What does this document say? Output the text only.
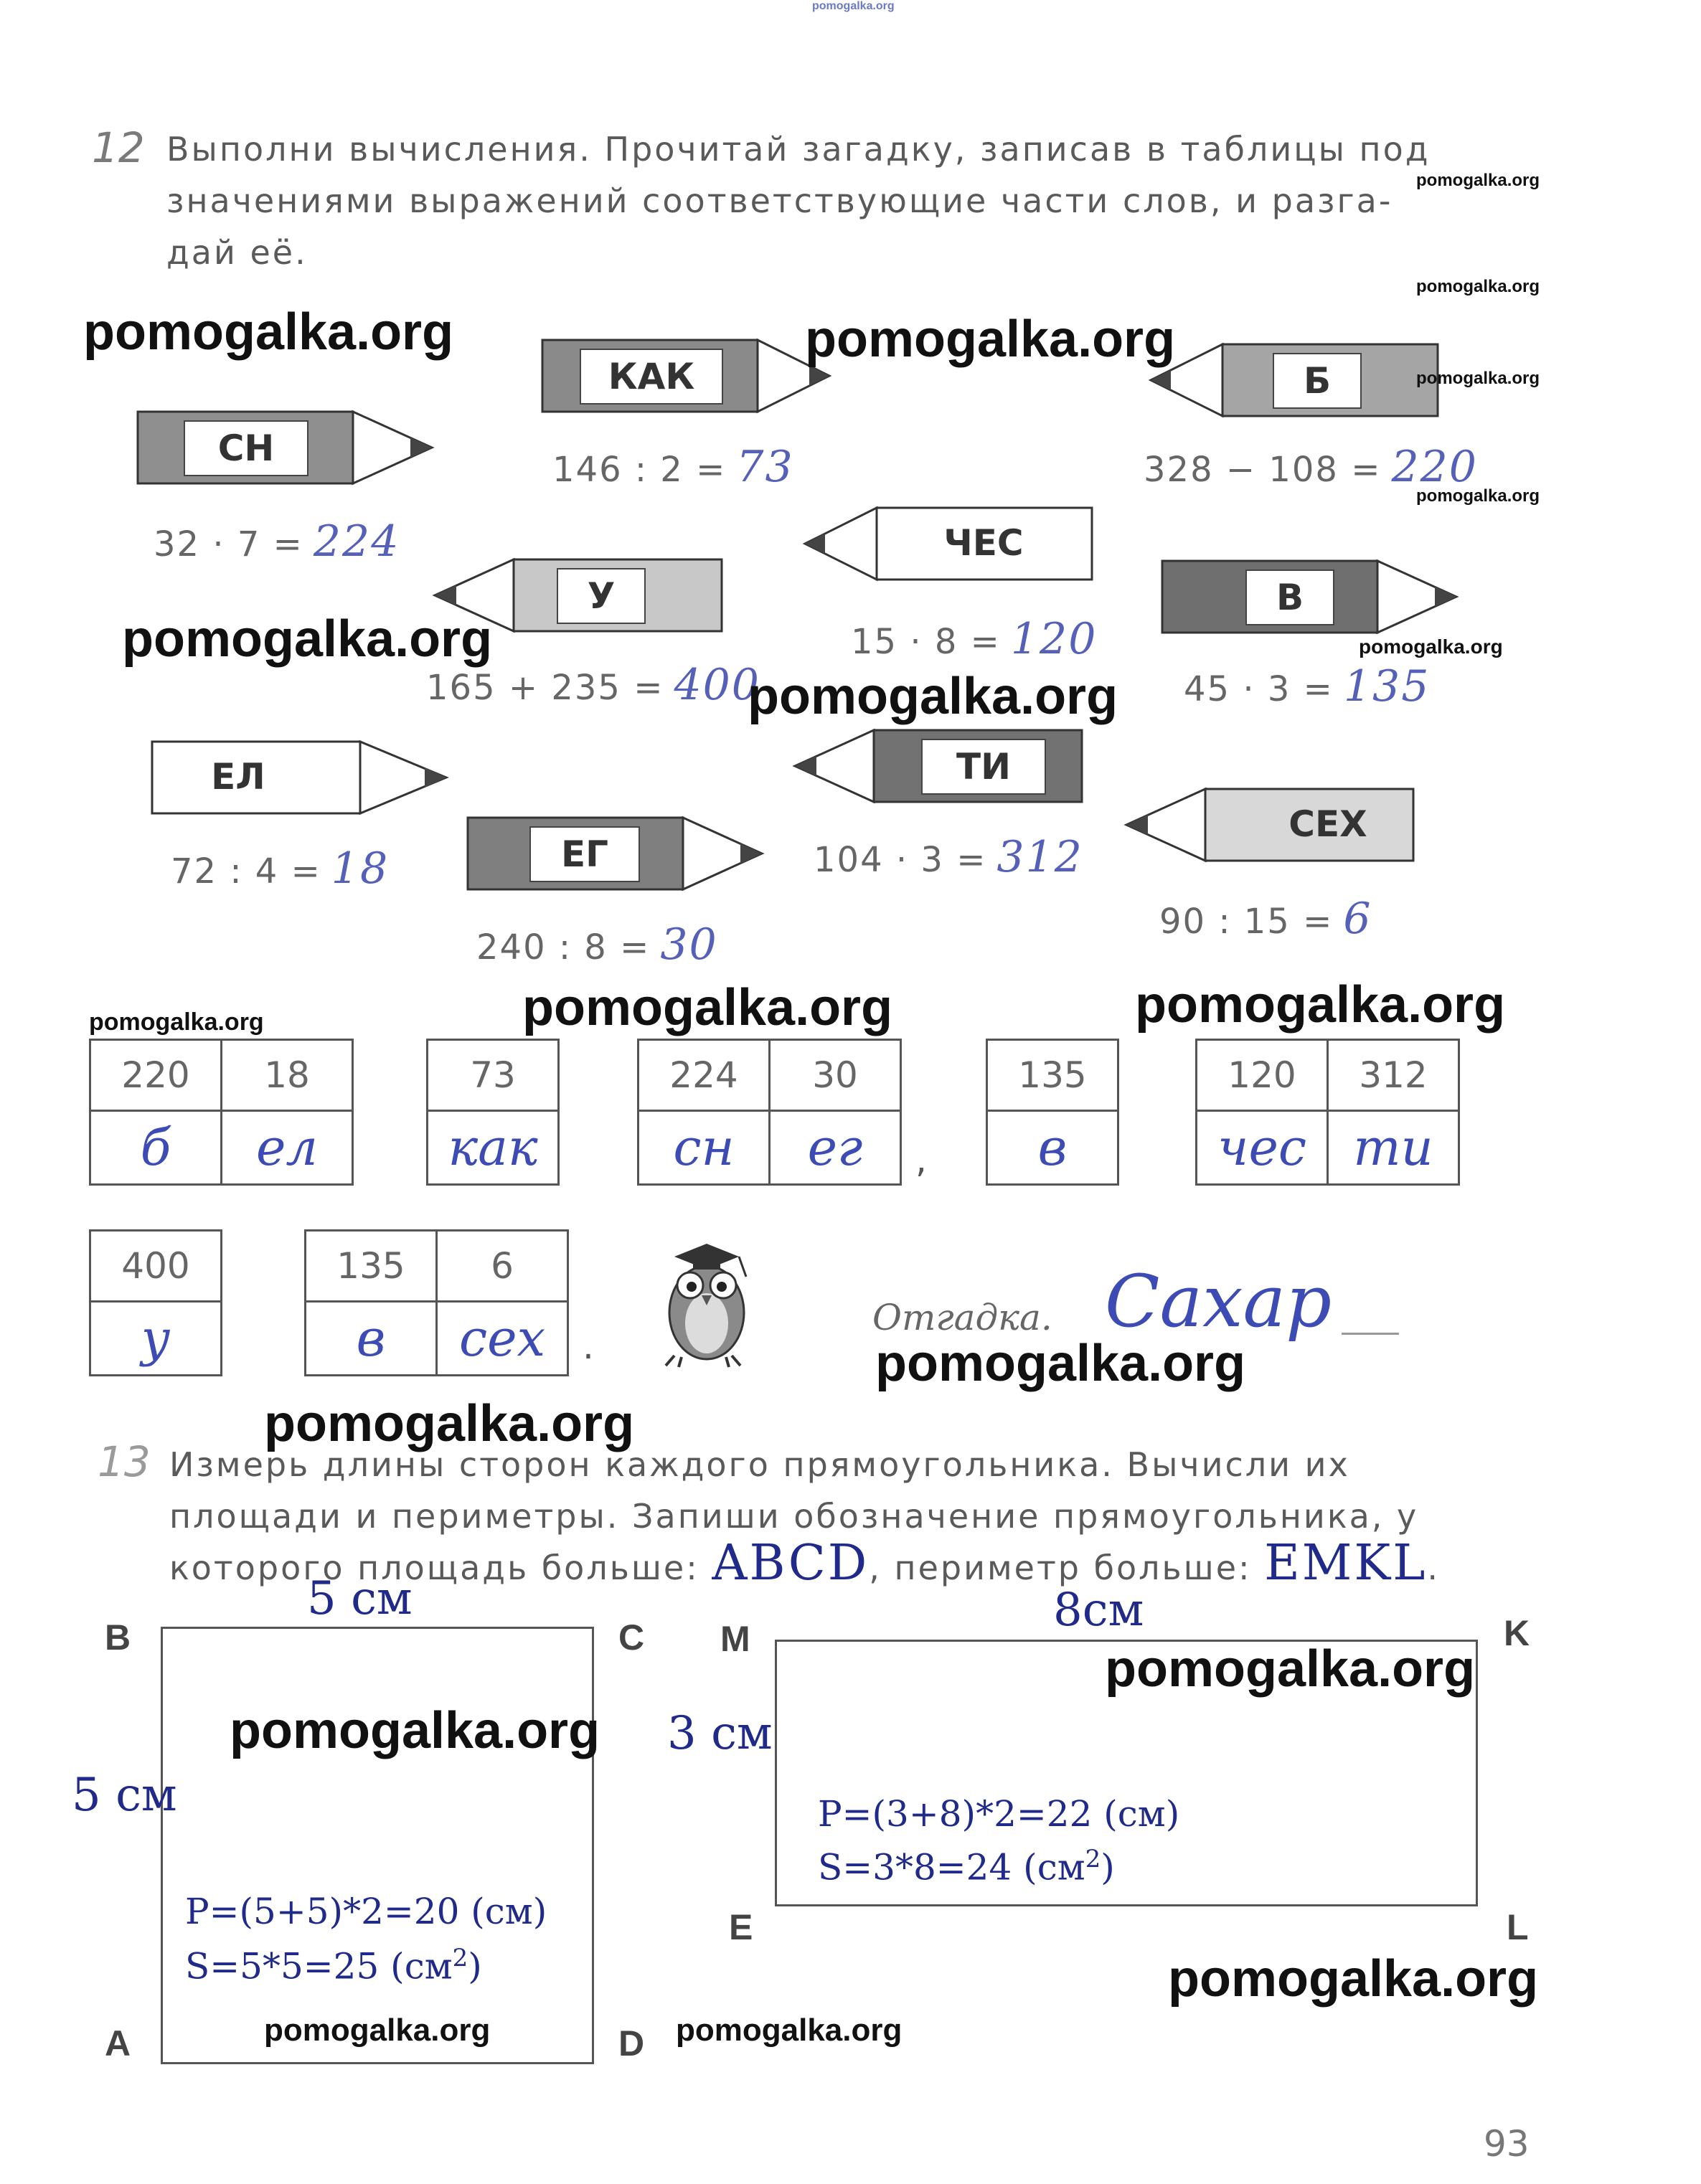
pomogalka.org
12 Выполни вычисления. Прочитай загадку, записав в таблицы под
значениями выражений соответствующие части слов, и разга-
дай её.
КАК
146 : 2 = 73
Б
328 − 108 = 220
СН
32 · 7 = 224	ЧЕС
15 · 8 = 120
У
165 + 235 = 400
В
45 · 3 = 135
ЕЛ
72 : 4 = 18
ТИ
104 · 3 = 312
ЕГ
240 : 8 = 30
СЕХ
90 : 15 = 6
220	18
б	ел
73
как
224	30
сн	ег ,
135
в
120	312
чес	ти
400
у
135	6
в	сех .
Отгадка. Сахар
13 Измерь длины сторон каждого прямоугольника. Вычисли их
площади и периметры. Запиши обозначение прямоугольника, у
которого площадь больше: ABCD, периметр больше: EMKL.
B	C
A	D
5 см
5 см
P=(5+5)*2=20 (см)
S=5*5=25 $(см^2)$
M	K
E	L
8см
3 см
P=(3+8)*2=22 (см)
S=3*8=24 $(см^2)$
93
pomogalka.org	pomogalka.org
pomogalka.org
pomogalka.org
pomogalka.org	pomogalka.org
pomogalka.org
pomogalka.org
pomogalka.org
pomogalka.org
pomogalka.org
pomogalka.org	pomogalka.org
pomogalka.org
pomogalka.org
pomogalka.org
pomogalka.org
pomogalka.org
pomogalka.org
